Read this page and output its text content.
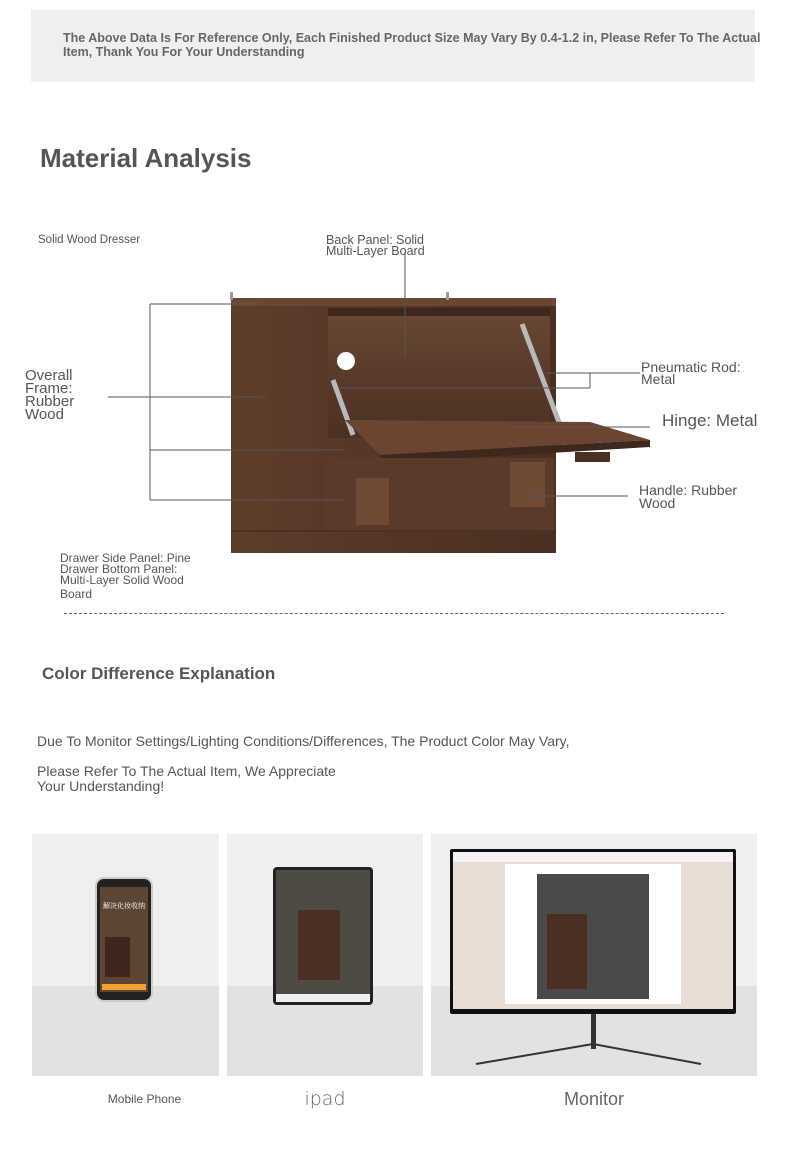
The Above Data Is For Reference Only, Each Finished Product Size May Vary By 0.4-1.2 in, Please Refer To The Actual Item, Thank You For Your Understanding
Material Analysis
Solid Wood Dresser	Back Panel: Solid
Multi-Layer Board
Overall
Frame:
Rubber
Wood
Pneumatic Rod:
Metal
Hinge: Metal
Handle: Rubber
Wood
Drawer Side Panel: Pine
Drawer Bottom Panel:
Multi-Layer Solid Wood
Board
Color Difference Explanation
Due To Monitor Settings/Lighting Conditions/Differences, The Product Color May Vary,
Please Refer To The Actual Item, We Appreciate
Your Understanding!
解决化妆收纳
Mobile Phone	ipad	Monitor
